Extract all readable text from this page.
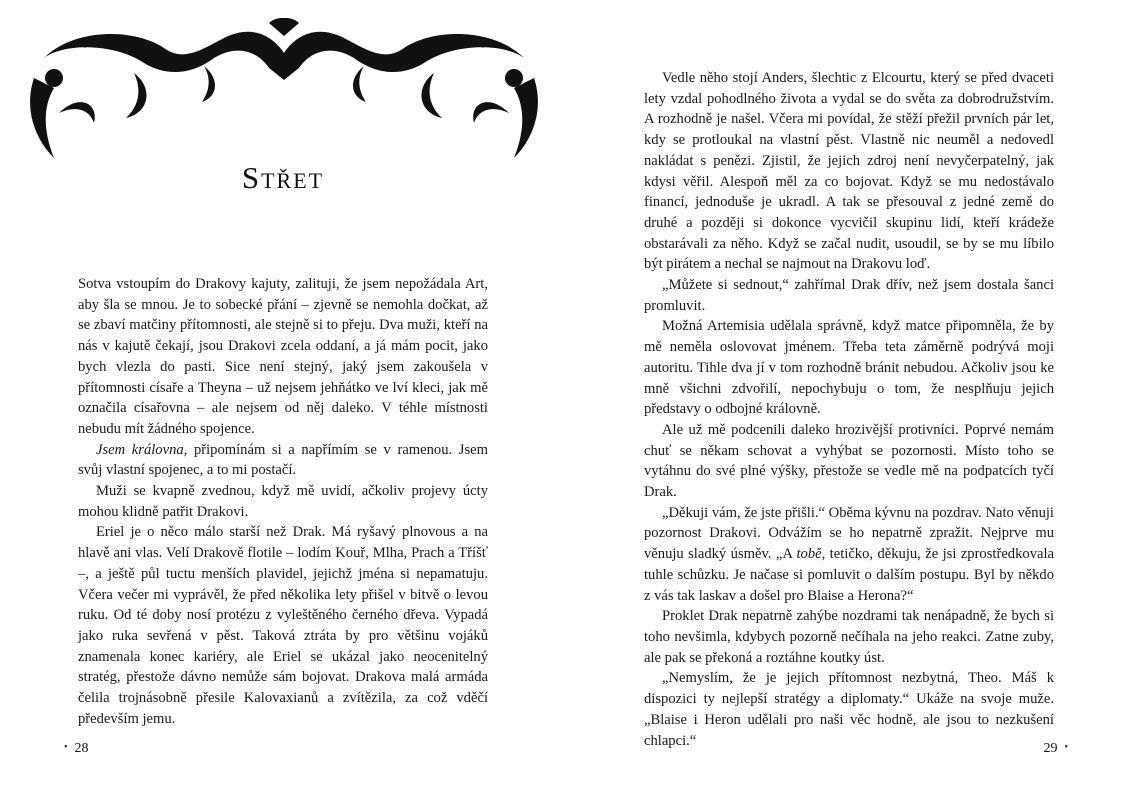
Střet

Sotva vstoupím do Drakovy kajuty, zalituji, že jsem nepožádala Art, aby šla se mnou. Je to sobecké přání – zjevně se nemohla dočkat, až se zbaví matčiny přítomnosti, ale stejně si to přeju. Dva muži, kteří na nás v kajutě čekají, jsou Drakovi zcela oddaní, a já mám pocit, jako bych vlezla do pasti. Sice není stejný, jaký jsem zakoušela v přítomnosti císaře a Theyna – už nejsem jehňátko ve lví kleci, jak mě označila císařovna – ale nejsem od něj daleko. V téhle místnosti nebudu mít žádného spojence.

Jsem královna, připomínám si a napřímím se v ramenou. Jsem svůj vlastní spojenec, a to mi postačí.

Muži se kvapně zvednou, když mě uvidí, ačkoliv projevy úcty mohou klidně patřit Drakovi.

Eriel je o něco málo starší než Drak. Má ryšavý plnovous a na hlavě ani vlas. Velí Drakově flotile – lodím Kouř, Mlha, Prach a Tříšť –, a ještě půl tuctu menších plavidel, jejichž jména si nepamatuju. Včera večer mi vyprávěl, že před několika lety přišel v bitvě o levou ruku. Od té doby nosí protézu z vyleštěného černého dřeva. Vypadá jako ruka sevřená v pěst. Taková ztráta by pro většinu vojáků znamenala konec kariéry, ale Eriel se ukázal jako neocenitelný stratég, přestože dávno nemůže sám bojovat. Drakova malá armáda čelila trojnásobně přesile Kalovaxianů a zvítězila, za což vděčí především jemu.

• 28

Vedle něho stojí Anders, šlechtic z Elcourtu, který se před dvaceti lety vzdal pohodlného života a vydal se do světa za dobrodružstvím. A rozhodně je našel. Včera mi povídal, že stěží přežil prvních pár let, kdy se protloukal na vlastní pěst. Vlastně nic neuměl a nedovedl nakládat s penězi. Zjistil, že jejich zdroj není nevyčerpatelný, jak kdysi věřil. Alespoň měl za co bojovat. Když se mu nedostávalo financí, jednoduše je ukradl. A tak se přesouval z jedné země do druhé a později si dokonce vycvičil skupinu lidí, kteří krádeže obstarávali za něho. Když se začal nudit, usoudil, se by se mu líbilo být pirátem a nechal se najmout na Drakovu loď.

„Můžete si sednout,“ zahřímal Drak dřív, než jsem dostala šanci promluvit.

Možná Artemisia udělala správně, když matce připomněla, že by mě neměla oslovovat jménem. Třeba teta záměrně podrývá moji autoritu. Tihle dva jí v tom rozhodně bránit nebudou. Ačkoliv jsou ke mně všichni zdvořilí, nepochybuju o tom, že nesplňuju jejich představy o odbojné královně.

Ale už mě podcenili daleko hrozivější protivníci. Poprvé nemám chuť se někam schovat a vyhýbat se pozornosti. Místo toho se vytáhnu do své plné výšky, přestože se vedle mě na podpatcích tyčí Drak.

„Děkuji vám, že jste přišli.“ Oběma kývnu na pozdrav. Nato věnuji pozornost Drakovi. Odvážím se ho nepatrně zpražit. Nejprve mu věnuju sladký úsměv. „A tobě, tetičko, děkuju, že jsi zprostředkovala tuhle schůzku. Je načase si pomluvit o dalším postupu. Byl by někdo z vás tak laskav a došel pro Blaise a Herona?“

Proklet Drak nepatrně zahýbe nozdrami tak nenápadně, že bych si toho nevšimla, kdybych pozorně nečíhala na jeho reakci. Zatne zuby, ale pak se překoná a roztáhne koutky úst.

„Nemyslím, že je jejich přítomnost nezbytná, Theo. Máš k dispozici ty nejlepší stratégy a diplomaty.“ Ukáže na svoje muže. „Blaise i Heron udělali pro naši věc hodně, ale jsou to nezkušení chlapci.“	29 •
